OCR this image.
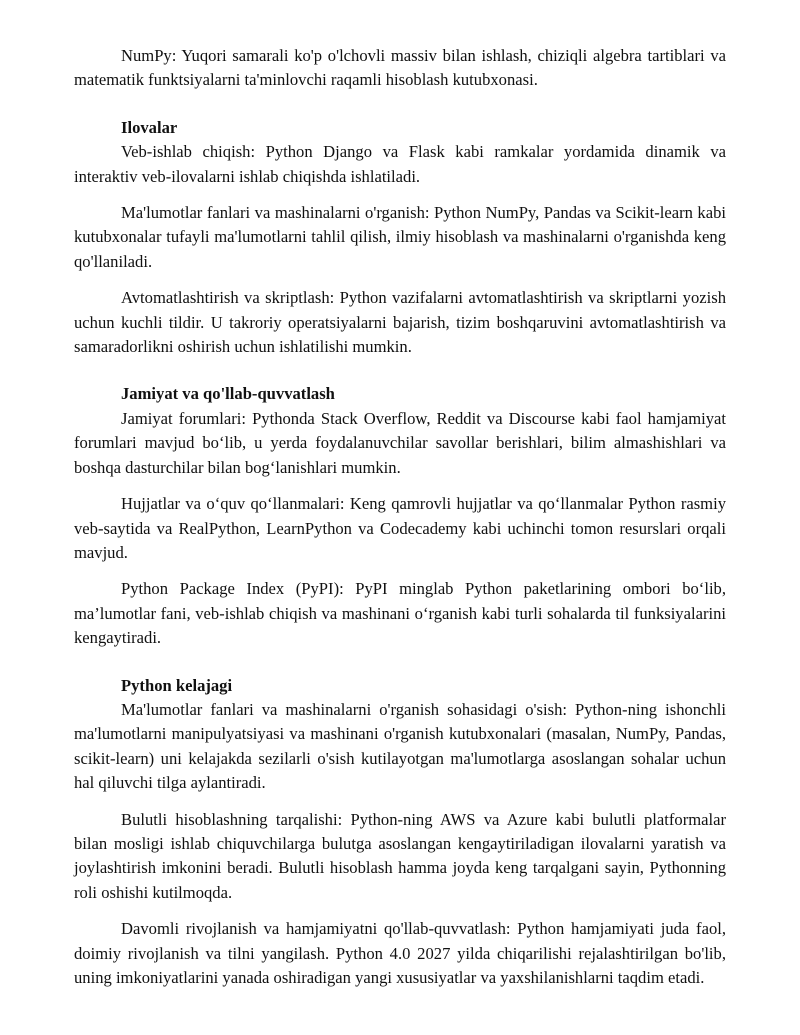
NumPy: Yuqori samarali ko'p o'lchovli massiv bilan ishlash, chiziqli algebra tartiblari va matematik funktsiyalarni ta'minlovchi raqamli hisoblash kutubxonasi.

Ilovalar

Veb-ishlab chiqish: Python Django va Flask kabi ramkalar yordamida dinamik va interaktiv veb-ilovalarni ishlab chiqishda ishlatiladi.

Ma'lumotlar fanlari va mashinalarni o'rganish: Python NumPy, Pandas va Scikit-learn kabi kutubxonalar tufayli ma'lumotlarni tahlil qilish, ilmiy hisoblash va mashinalarni o'rganishda keng qo'llaniladi.

Avtomatlashtirish va skriptlash: Python vazifalarni avtomatlashtirish va skriptlarni yozish uchun kuchli tildir. U takroriy operatsiyalarni bajarish, tizim boshqaruvini avtomatlashtirish va samaradorlikni oshirish uchun ishlatilishi mumkin.

Jamiyat va qo'llab-quvvatlash

Jamiyat forumlari: Pythonda Stack Overflow, Reddit va Discourse kabi faol hamjamiyat forumlari mavjud bo‘lib, u yerda foydalanuvchilar savollar berishlari, bilim almashishlari va boshqa dasturchilar bilan bog‘lanishlari mumkin.

Hujjatlar va o‘quv qo‘llanmalari: Keng qamrovli hujjatlar va qo‘llanmalar Python rasmiy veb-saytida va RealPython, LearnPython va Codecademy kabi uchinchi tomon resurslari orqali mavjud.

Python Package Index (PyPI): PyPI minglab Python paketlarining ombori bo‘lib, ma’lumotlar fani, veb-ishlab chiqish va mashinani o‘rganish kabi turli sohalarda til funksiyalarini kengaytiradi.

Python kelajagi

Ma'lumotlar fanlari va mashinalarni o'rganish sohasidagi o'sish: Python-ning ishonchli ma'lumotlarni manipulyatsiyasi va mashinani o'rganish kutubxonalari (masalan, NumPy, Pandas, scikit-learn) uni kelajakda sezilarli o'sish kutilayotgan ma'lumotlarga asoslangan sohalar uchun hal qiluvchi tilga aylantiradi.

Bulutli hisoblashning tarqalishi: Python-ning AWS va Azure kabi bulutli platformalar bilan mosligi ishlab chiquvchilarga bulutga asoslangan kengaytiriladigan ilovalarni yaratish va joylashtirish imkonini beradi. Bulutli hisoblash hamma joyda keng tarqalgani sayin, Pythonning roli oshishi kutilmoqda.

Davomli rivojlanish va hamjamiyatni qo'llab-quvvatlash: Python hamjamiyati juda faol, doimiy rivojlanish va tilni yangilash. Python 4.0 2027 yilda chiqarilishi rejalashtirilgan bo'lib, uning imkoniyatlarini yanada oshiradigan yangi xususiyatlar va yaxshilanishlarni taqdim etadi.
